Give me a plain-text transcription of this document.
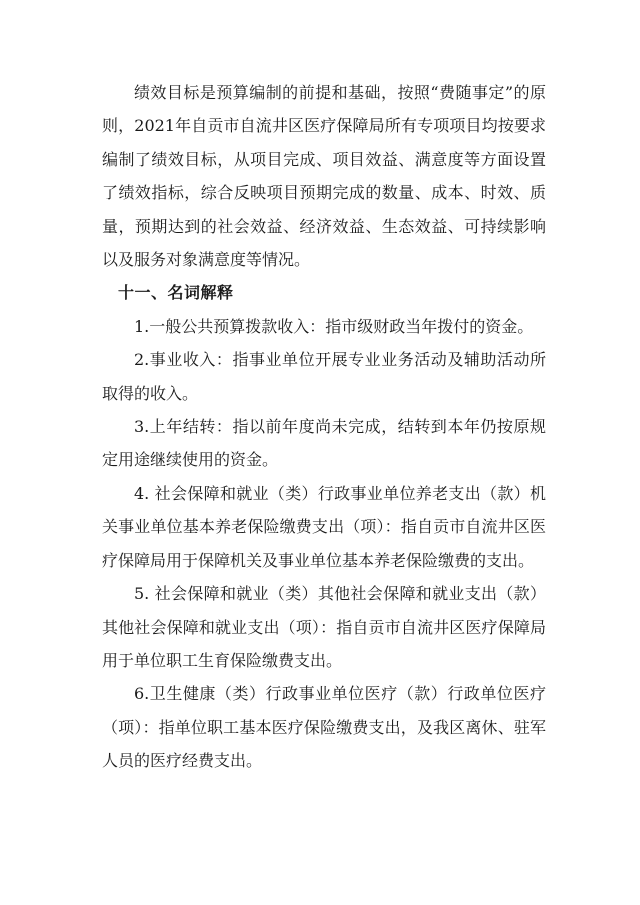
绩效目标是预算编制的前提和基础，按照“费随事定”的原则，2021年自贡市自流井区医疗保障局所有专项项目均按要求编制了绩效目标，从项目完成、项目效益、满意度等方面设置了绩效指标，综合反映项目预期完成的数量、成本、时效、质量，预期达到的社会效益、经济效益、生态效益、可持续影响以及服务对象满意度等情况。

十一、名词解释

1.一般公共预算拨款收入：指市级财政当年拨付的资金。

2.事业收入：指事业单位开展专业业务活动及辅助活动所取得的收入。

3.上年结转：指以前年度尚未完成，结转到本年仍按原规定用途继续使用的资金。

4. 社会保障和就业（类）行政事业单位养老支出（款）机关事业单位基本养老保险缴费支出（项）：指自贡市自流井区医疗保障局用于保障机关及事业单位基本养老保险缴费的支出。

5. 社会保障和就业（类）其他社会保障和就业支出（款）其他社会保障和就业支出（项）：指自贡市自流井区医疗保障局用于单位职工生育保险缴费支出。

6.卫生健康（类）行政事业单位医疗（款）行政单位医疗（项）：指单位职工基本医疗保险缴费支出，及我区离休、驻军人员的医疗经费支出。
